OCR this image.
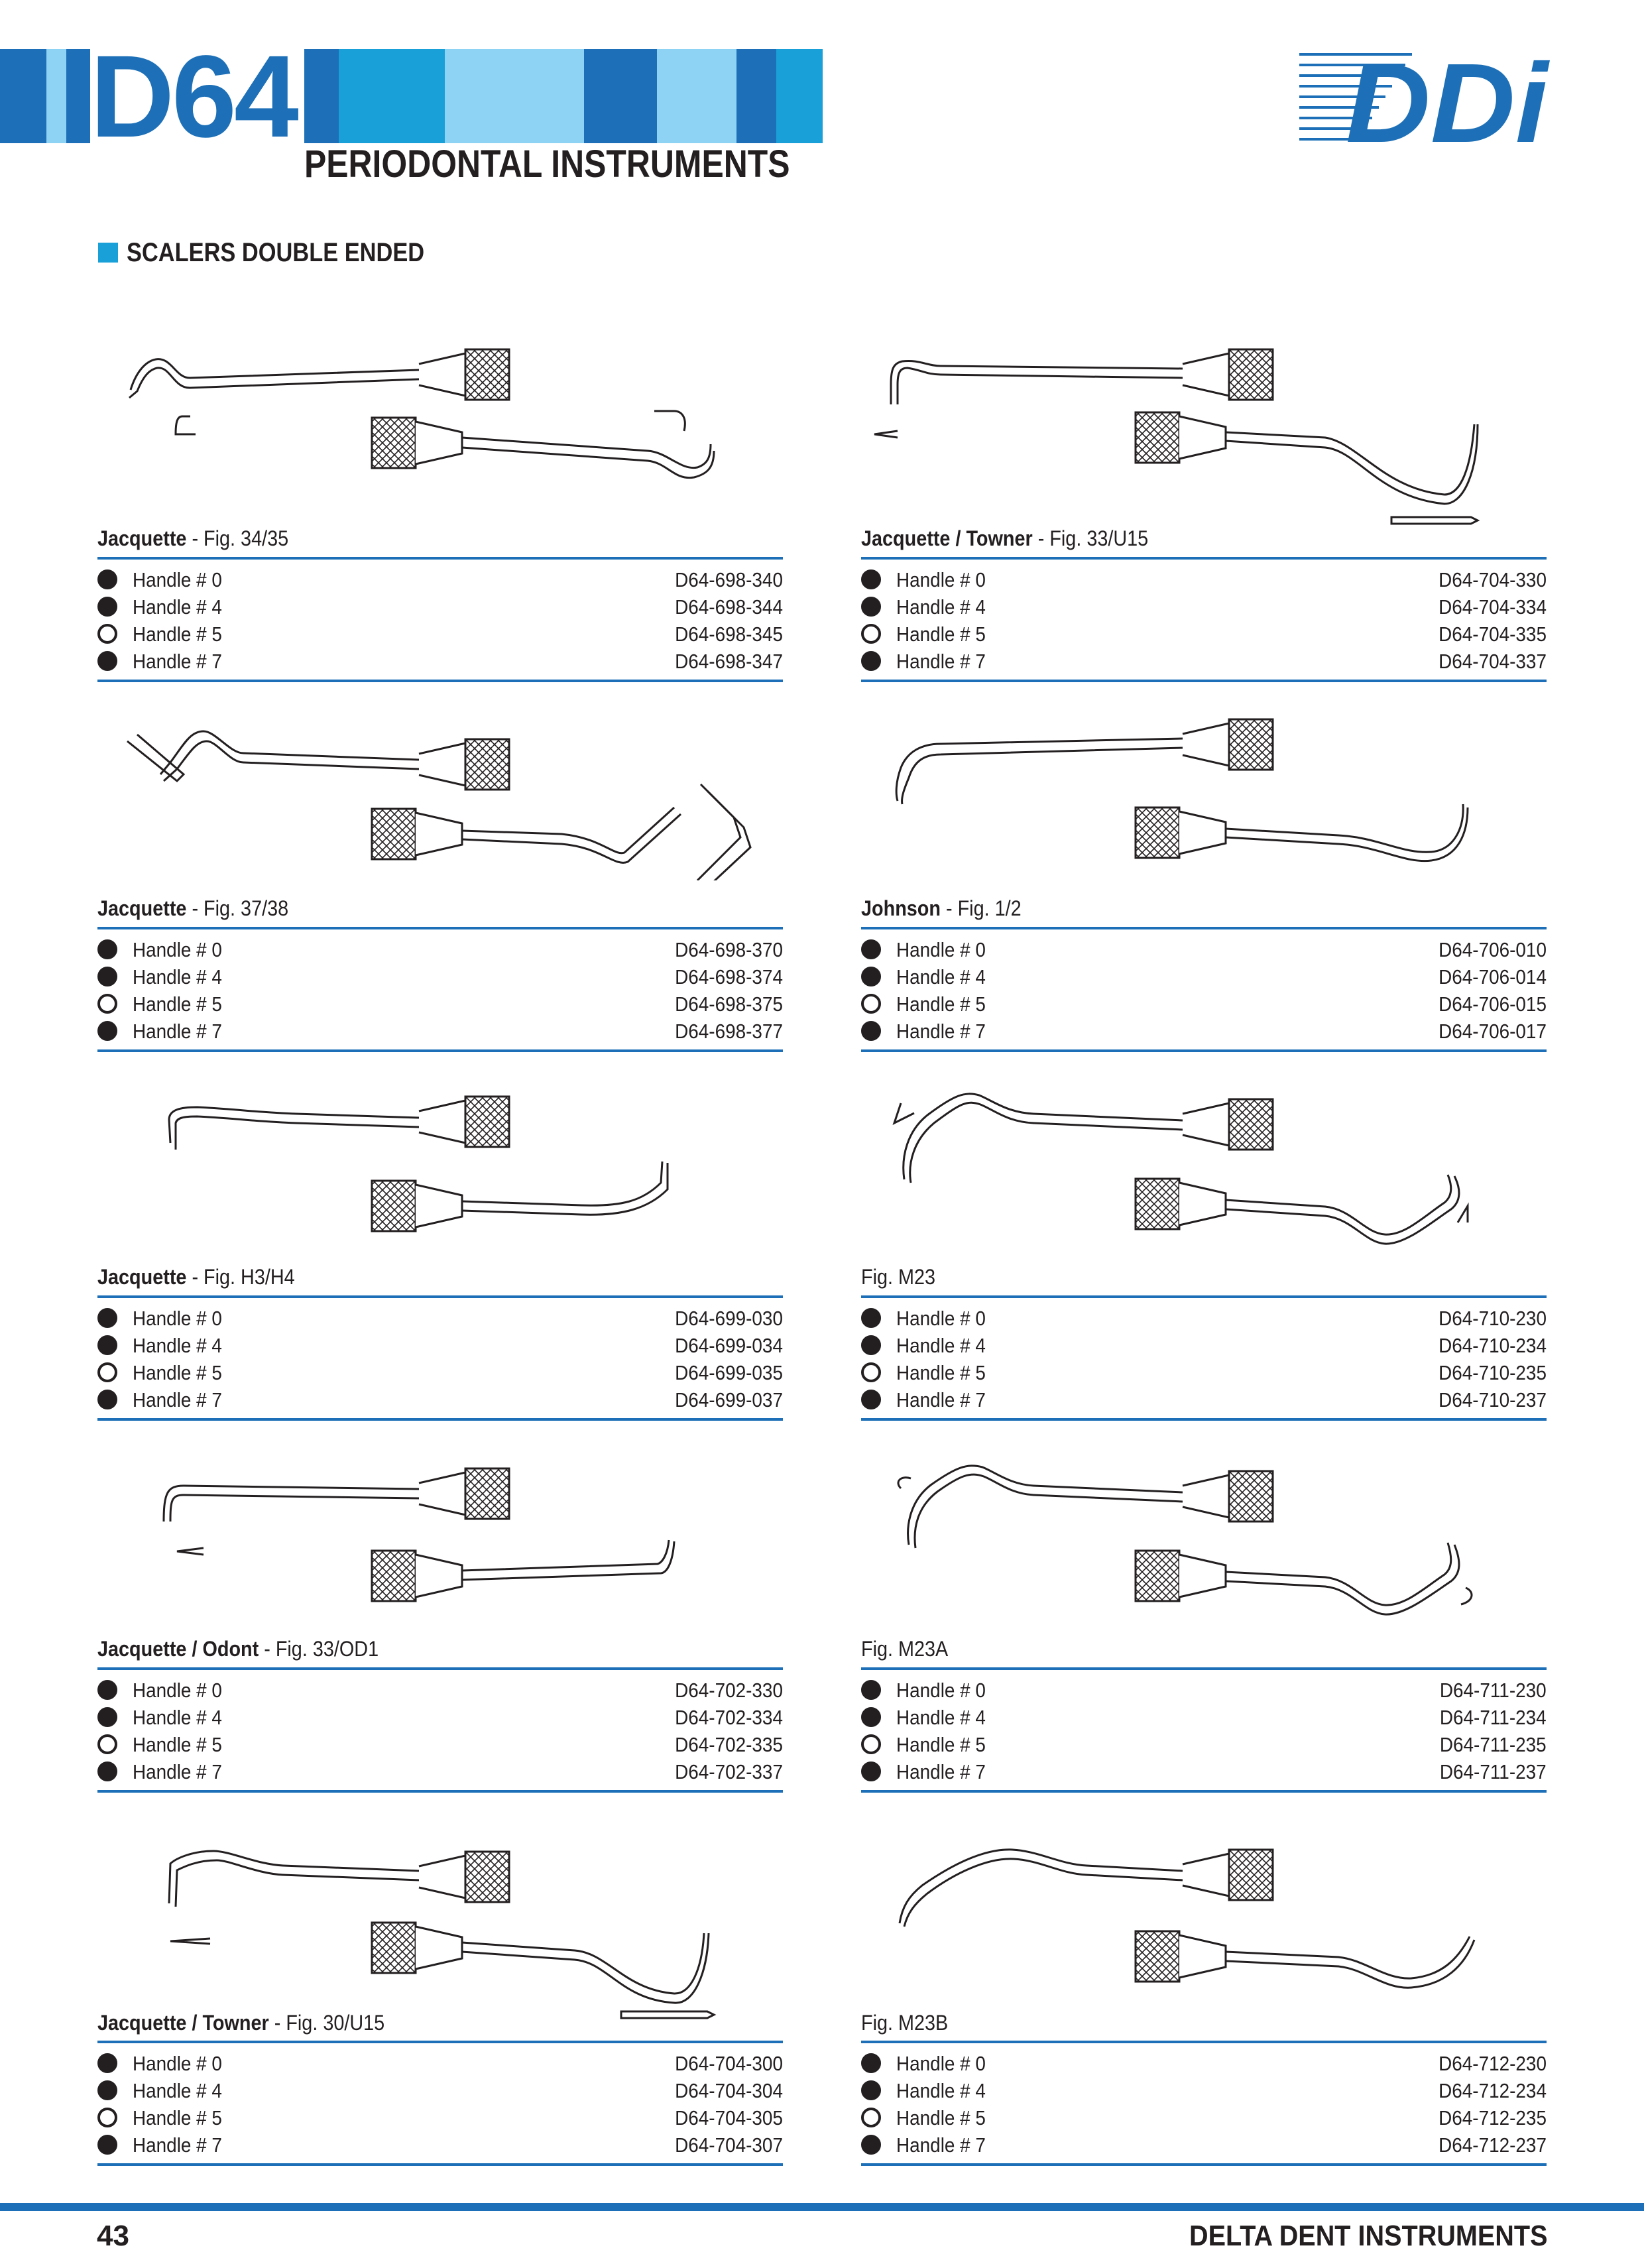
D64
PERIODONTAL INSTRUMENTS	DDi
SCALERS DOUBLE ENDED
Jacquette - Fig. 34/35
Handle # 0	D64-698-340
Handle # 4	D64-698-344
Handle # 5	D64-698-345
Handle # 7	D64-698-347
Jacquette / Towner - Fig. 33/U15
Handle # 0	D64-704-330
Handle # 4	D64-704-334
Handle # 5	D64-704-335
Handle # 7	D64-704-337
Jacquette - Fig. 37/38
Handle # 0	D64-698-370
Handle # 4	D64-698-374
Handle # 5	D64-698-375
Handle # 7	D64-698-377
Johnson - Fig. 1/2
Handle # 0	D64-706-010
Handle # 4	D64-706-014
Handle # 5	D64-706-015
Handle # 7	D64-706-017
Jacquette - Fig. H3/H4
Handle # 0	D64-699-030
Handle # 4	D64-699-034
Handle # 5	D64-699-035
Handle # 7	D64-699-037
Fig. M23
Handle # 0	D64-710-230
Handle # 4	D64-710-234
Handle # 5	D64-710-235
Handle # 7	D64-710-237
Jacquette / Odont - Fig. 33/OD1
Handle # 0	D64-702-330
Handle # 4	D64-702-334
Handle # 5	D64-702-335
Handle # 7	D64-702-337
Fig. M23A
Handle # 0	D64-711-230
Handle # 4	D64-711-234
Handle # 5	D64-711-235
Handle # 7	D64-711-237
Jacquette / Towner - Fig. 30/U15
Handle # 0	D64-704-300
Handle # 4	D64-704-304
Handle # 5	D64-704-305
Handle # 7	D64-704-307
Fig. M23B
Handle # 0	D64-712-230
Handle # 4	D64-712-234
Handle # 5	D64-712-235
Handle # 7	D64-712-237
43	DELTA DENT INSTRUMENTS
